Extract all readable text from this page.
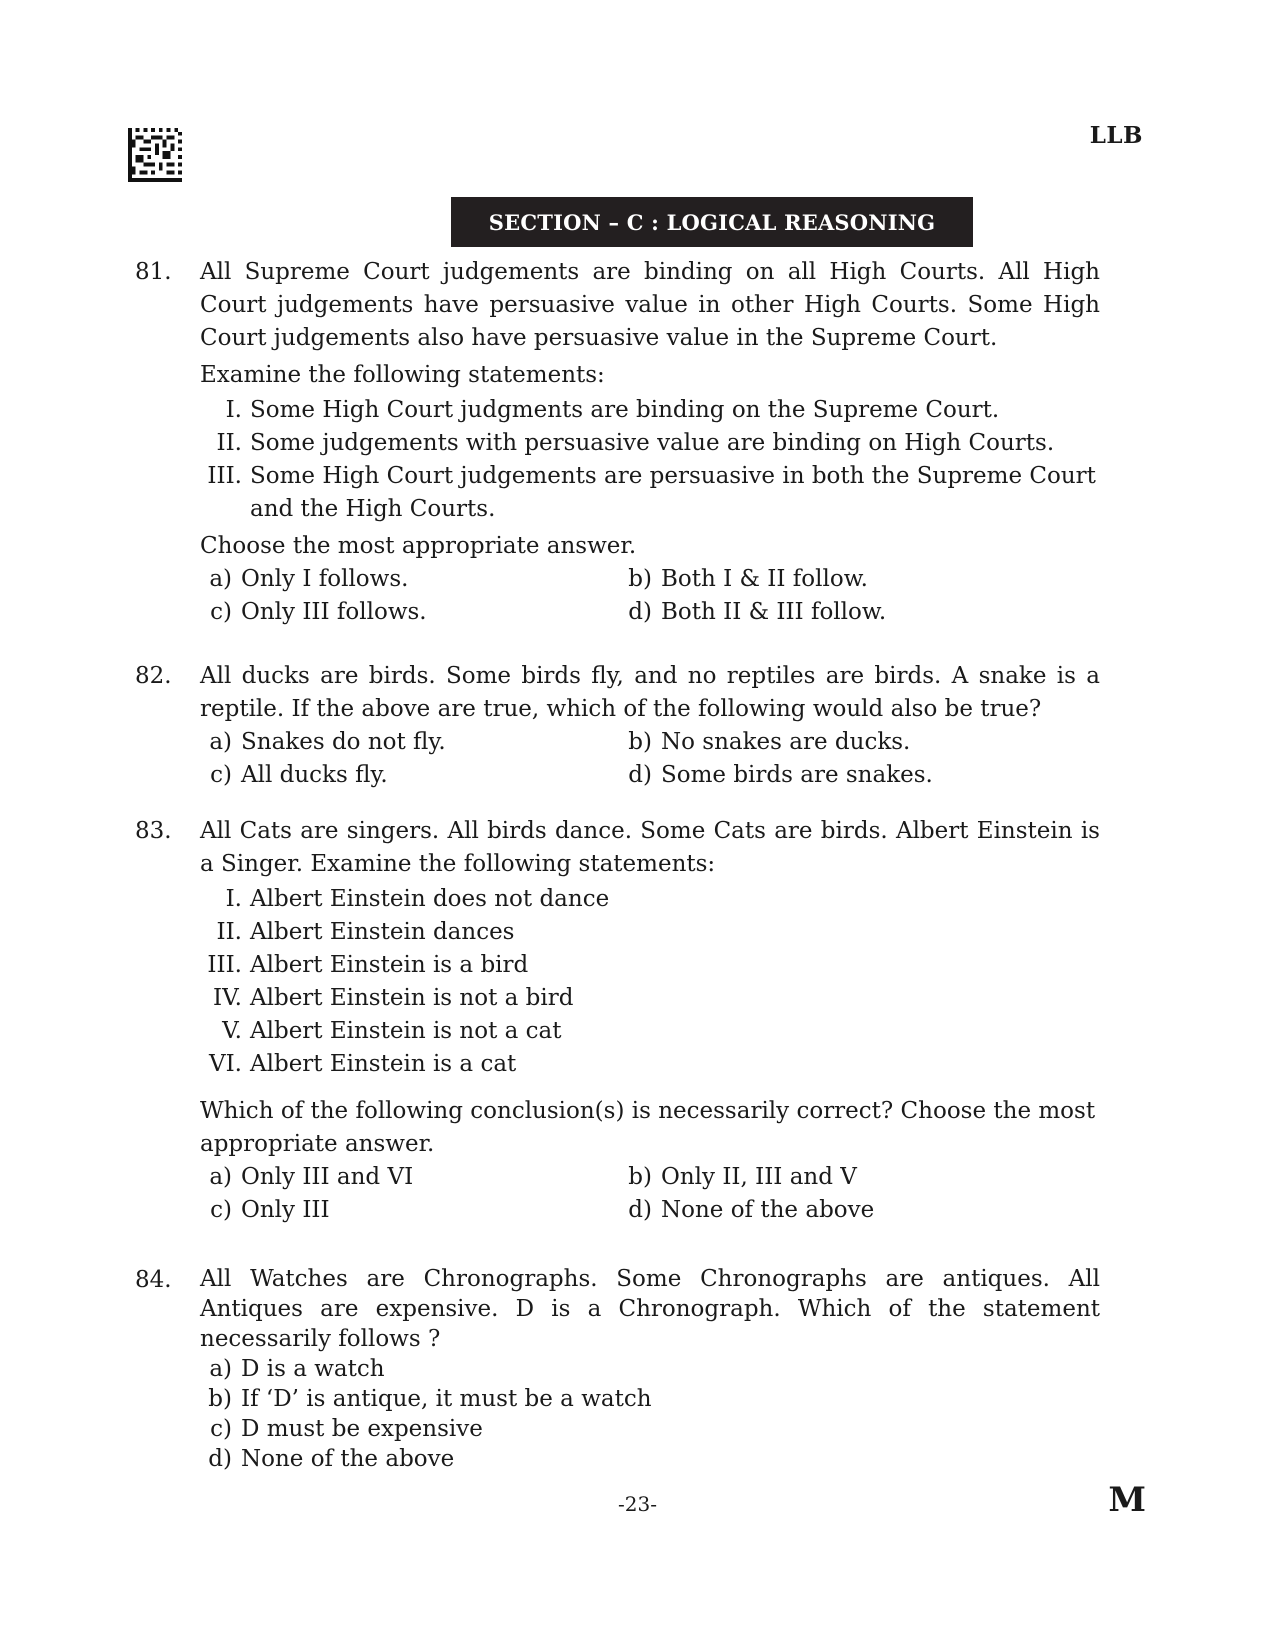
LLB
SECTION – C : LOGICAL REASONING
81.	All Supreme Court judgements are binding on all High Courts. All High Court judgements have persuasive value in other High Courts. Some High Court judgements also have persuasive value in the Supreme Court.
Examine the following statements:
I. Some High Court judgments are binding on the Supreme Court.
II. Some judgements with persuasive value are binding on High Courts.
III. Some High Court judgements are persuasive in both the Supreme Court and the High Courts.
Choose the most appropriate answer.
a) Only I follows.	b) Both I & II follow.
c) Only III follows.	d) Both II & III follow.
82.	All ducks are birds. Some birds fly, and no reptiles are birds. A snake is a reptile. If the above are true, which of the following would also be true?
a) Snakes do not fly.	b) No snakes are ducks.
c) All ducks fly.	d) Some birds are snakes.
83.	All Cats are singers. All birds dance. Some Cats are birds. Albert Einstein is a Singer. Examine the following statements:
I. Albert Einstein does not dance
II. Albert Einstein dances
III. Albert Einstein is a bird
IV. Albert Einstein is not a bird
V. Albert Einstein is not a cat
VI. Albert Einstein is a cat
Which of the following conclusion(s) is necessarily correct? Choose the most appropriate answer.
a) Only III and VI	b) Only II, III and V
c) Only III	d) None of the above
84.	All Watches are Chronographs. Some Chronographs are antiques. All Antiques are expensive. D is a Chronograph. Which of the statement necessarily follows ?
a) D is a watch
b) If ‘D’ is antique, it must be a watch
c) D must be expensive
d) None of the above
-23-	M
